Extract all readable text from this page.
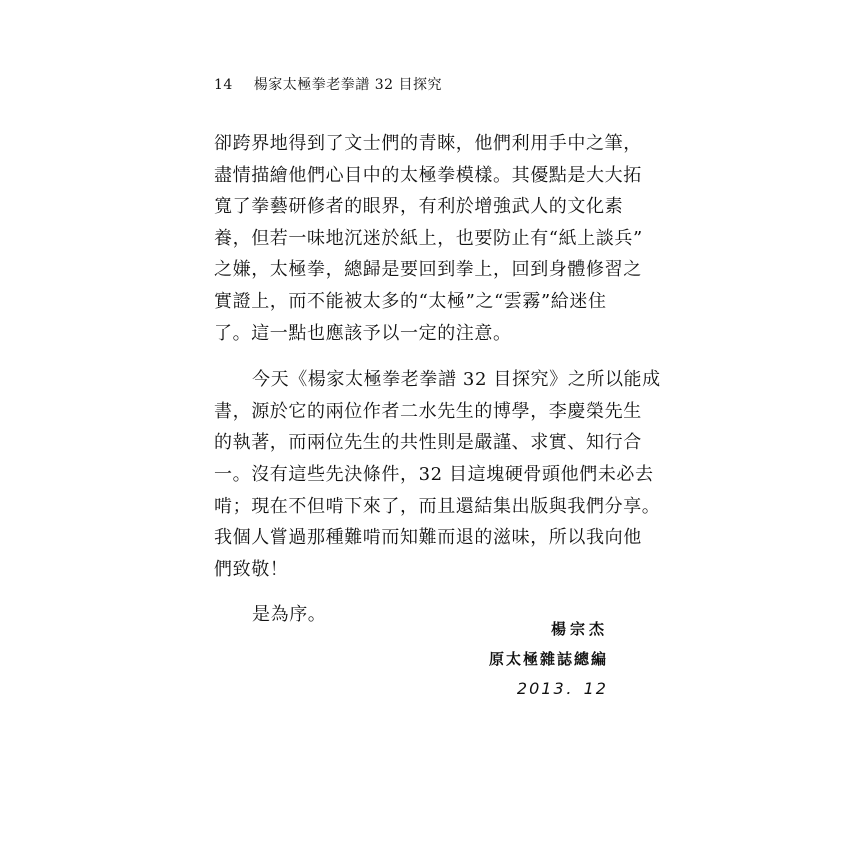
14 楊家太極拳老拳譜 32 目探究
卻跨界地得到了文士們的青睞，他們利用手中之筆，
盡情描繪他們心目中的太極拳模樣。其優點是大大拓
寬了拳藝研修者的眼界，有利於增強武人的文化素
養，但若一味地沉迷於紙上，也要防止有“紙上談兵”
之嫌，太極拳，總歸是要回到拳上，回到身體修習之
實證上，而不能被太多的“太極”之“雲霧”給迷住
了。這一點也應該予以一定的注意。
今天《楊家太極拳老拳譜 32 目探究》之所以能成
書，源於它的兩位作者二水先生的博學，李慶榮先生
的執著，而兩位先生的共性則是嚴謹、求實、知行合
一。沒有這些先決條件，32 目這塊硬骨頭他們未必去
啃；現在不但啃下來了，而且還結集出版與我們分享。
我個人嘗過那種難啃而知難而退的滋味，所以我向他
們致敬！
是為序。
楊宗杰
原太極雜誌總編
2013．12
